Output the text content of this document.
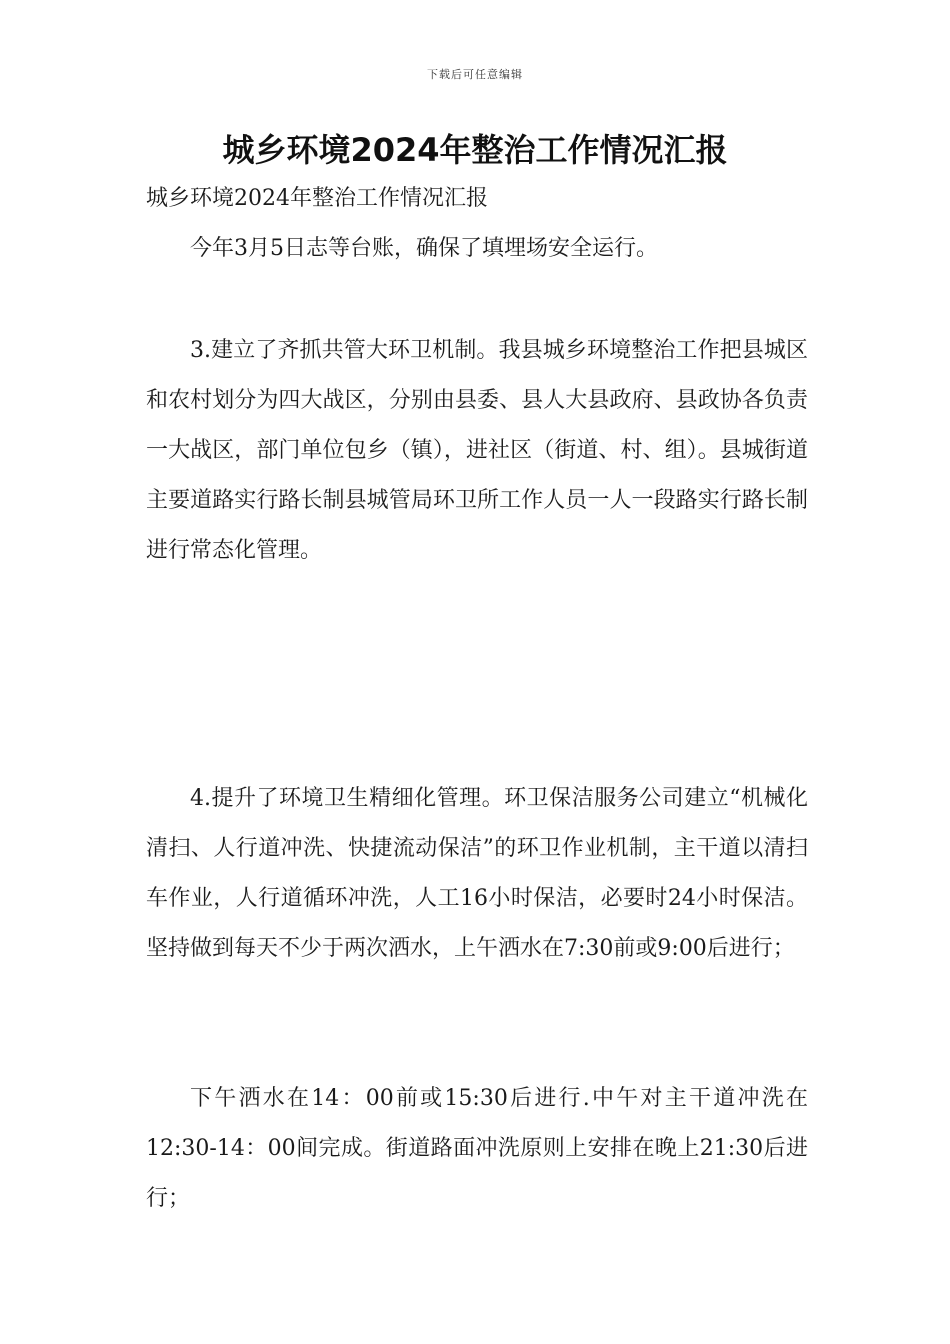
下载后可任意编辑
城乡环境2024年整治工作情况汇报
城乡环境2024年整治工作情况汇报

今年3月5日志等台账，确保了填埋场安全运行。

3.建立了齐抓共管大环卫机制。我县城乡环境整治工作把县城区和农村划分为四大战区，分别由县委、县人大县政府、县政协各负责一大战区，部门单位包乡（镇），进社区（街道、村、组）。县城街道主要道路实行路长制县城管局环卫所工作人员一人一段路实行路长制进行常态化管理。

4.提升了环境卫生精细化管理。环卫保洁服务公司建立“机械化清扫、人行道冲洗、快捷流动保洁”的环卫作业机制，主干道以清扫车作业，人行道循环冲洗，人工16小时保洁，必要时24小时保洁。坚持做到每天不少于两次洒水，上午洒水在7:30前或9:00后进行；

下午洒水在14：00前或15:30后进行.中午对主干道冲洗在12:30-14：00间完成。街道路面冲洗原则上安排在晚上21:30后进行；
